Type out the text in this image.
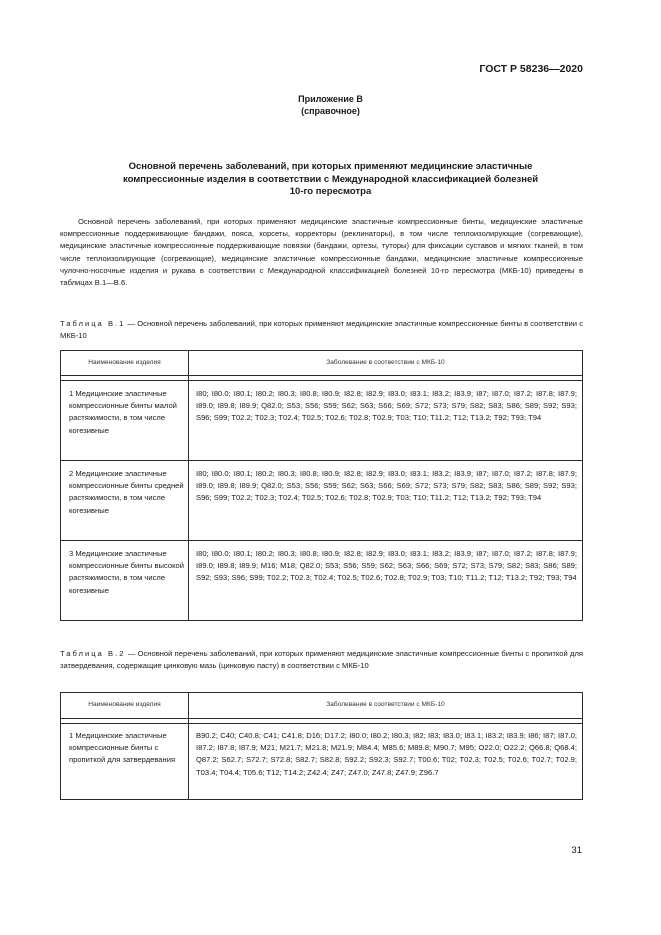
ГОСТ Р 58236—2020
Приложение В
(справочное)
Основной перечень заболеваний, при которых применяют медицинские эластичные
компрессионные изделия в соответствии с Международной классификацией болезней
10-го пересмотра

Основной перечень заболеваний, при которых применяют медицинские эластичные компрессионные бинты, медицинские эластичные компрессионные поддерживающие бандажи, пояса, корсеты, корректоры (реклинаторы), в том числе теплоизолирующие (согревающие), медицинские эластичные компрессионные поддерживающие повязки (бандажи, ортезы, туторы) для фиксации суставов и мягких тканей, в том числе теплоизолирующие (согревающие), медицинские эластичные компрессионные бандажи, медицинские эластичные компрессионные чулочно-носочные изделия и рукава в соответствии с Международной классификацией болезней 10-го пересмотра (МКБ-10) приведены в таблицах В.1—В.6.

Таблица В.1 — Основной перечень заболеваний, при которых применяют медицинские эластичные компрессионные бинты в соответствии с МКБ-10

Наименование изделия	Заболевание в соответствии с МКБ-10

1 Медицинские эластичные компрессионные бинты малой растяжимости, в том числе когезивные	I80; I80.0; I80.1; I80.2; I80.3; I80.8; I80.9; I82.8; I82.9; I83.0; I83.1; I83.2; I83.9; I87; I87.0; I87.2; I87.8; I87.9; I89.0; I89.8; I89.9; Q82.0; S53; S56; S59; S62; S63; S66; S69; S72; S73; S79; S82; S83; S86; S89; S92; S93; S96; S99; T02.2; T02.3; T02.4; T02.5; T02.6; T02.8; T02.9; T03; T10; T11.2; T12; T13.2; T92; T93; T94
2 Медицинские эластичные компрессионные бинты средней растяжимости, в том числе когезивные	I80; I80.0; I80.1; I80.2; I80.3; I80.8; I80.9; I82.8; I82.9; I83.0; I83.1; I83.2; I83.9; I87; I87.0; I87.2; I87.8; I87.9; I89.0; I89.8; I89.9; Q82.0; S53; S56; S59; S62; S63; S66; S69; S72; S73; S79; S82; S83; S86; S89; S92; S93; S96; S99; T02.2; T02.3; T02.4; T02.5; T02.6; T02.8; T02.9; T03; T10; T11.2; T12; T13.2; T92; T93; T94
3 Медицинские эластичные компрессионные бинты высокой растяжимости, в том числе когезивные	I80; I80.0; I80.1; I80.2; I80.3; I80.8; I80.9; I82.8; I82.9; I83.0; I83.1; I83.2; I83.9; I87; I87.0; I87.2; I87.8; I87.9; I89.0; I89.8; I89.9; M16; M18; Q82.0; S53; S56; S59; S62; S63; S66; S69; S72; S73; S79; S82; S83; S86; S89; S92; S93; S96; S99; T02.2; T02.3; T02.4; T02.5; T02.6; T02.8; T02.9; T03; T10; T11.2; T12; T13.2; T92; T93; T94

Таблица В.2 — Основной перечень заболеваний, при которых применяют медицинские эластичные компрессионные бинты с пропиткой для затвердевания, содержащие цинковую мазь (цинковую пасту) в соответствии с МКБ-10

Наименование изделия	Заболевание в соответствии с МКБ-10

1 Медицинские эластичные компрессионные бинты с пропиткой для затвердевания	B90.2; C40; C40.8; C41; C41.8; D16; D17.2; I80.0; I80.2; I80.3; I82; I83; I83.0; I83.1; I83.2; I83.9; I86; I87; I87.0; I87.2; I87.8; I87.9; M21; M21.7; M21.8; M21.9; M84.4; M85.6; M89.8; M90.7; M95; O22.0; O22.2; Q66.8; Q68.4; Q87.2; S62.7; S72.7; S72.8; S82.7; S82.8; S92.2; S92.3; S92.7; T00.6; T02; T02.3; T02.5; T02.6; T02.7; T02.9; T03.4; T04.4; T05.6; T12; T14.2; Z42.4; Z47; Z47.0; Z47.8; Z47.9; Z96.7
31
